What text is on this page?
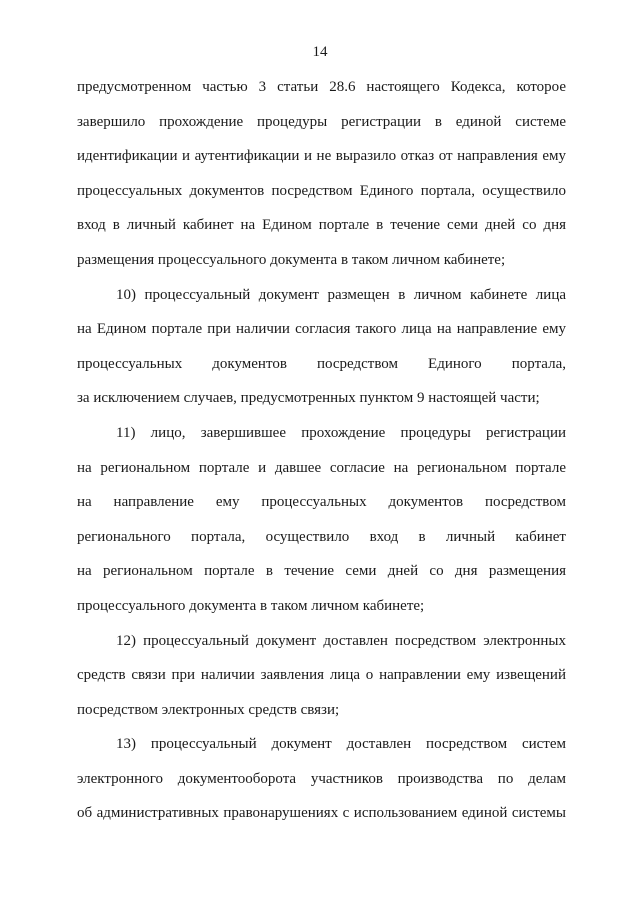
14
предусмотренном частью 3 статьи 28.6 настоящего Кодекса, которое
завершило прохождение процедуры регистрации в единой системе
идентификации и аутентификации и не выразило отказ от направления ему
процессуальных документов посредством Единого портала, осуществило
вход в личный кабинет на Едином портале в течение семи дней со дня
размещения процессуального документа в таком личном кабинете;
10) процессуальный документ размещен в личном кабинете лица
на Едином портале при наличии согласия такого лица на направление ему
процессуальных документов посредством Единого портала,
за исключением случаев, предусмотренных пунктом 9 настоящей части;
11) лицо, завершившее прохождение процедуры регистрации
на региональном портале и давшее согласие на региональном портале
на направление ему процессуальных документов посредством
регионального портала, осуществило вход в личный кабинет
на региональном портале в течение семи дней со дня размещения
процессуального документа в таком личном кабинете;
12) процессуальный документ доставлен посредством электронных
средств связи при наличии заявления лица о направлении ему извещений
посредством электронных средств связи;
13) процессуальный документ доставлен посредством систем
электронного документооборота участников производства по делам
об административных правонарушениях с использованием единой системы
